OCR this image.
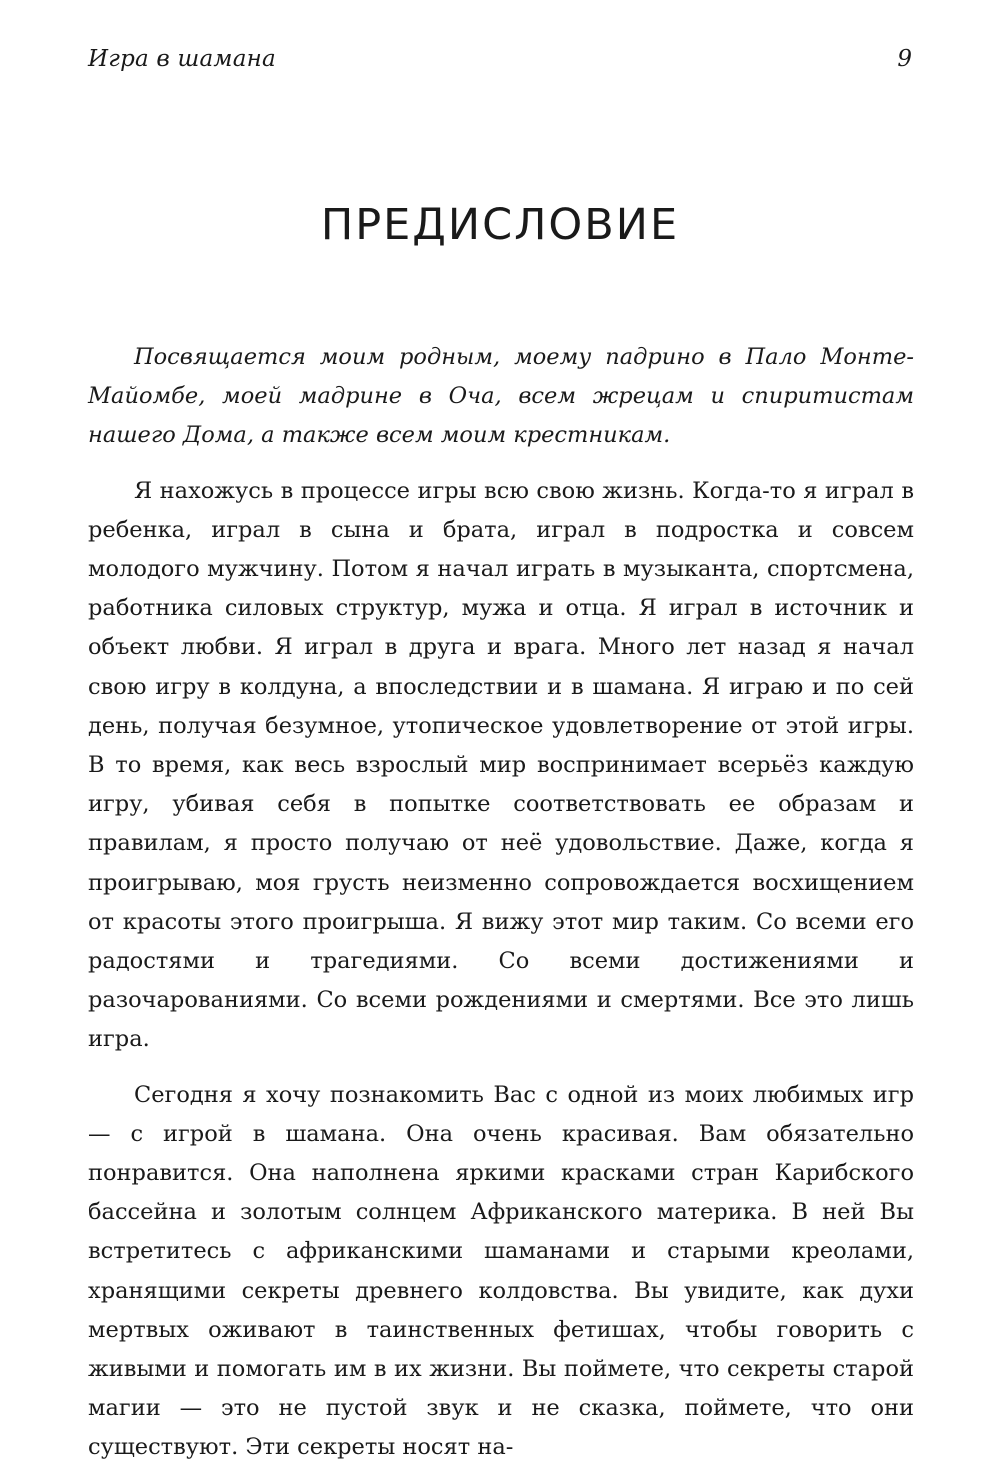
Игра в шамана	9
ПРЕДИСЛОВИЕ

Посвящается моим родным, моему падрино в Пало Монте-Майомбе, моей мадрине в Оча, всем жрецам и спиритистам нашего Дома, а также всем моим крестникам.

Я нахожусь в процессе игры всю свою жизнь. Когда-то я играл в ребенка, играл в сына и брата, играл в подростка и совсем молодого мужчину. Потом я начал играть в музыканта, спортсмена, работника силовых структур, мужа и отца. Я играл в источник и объект любви. Я играл в друга и врага. Много лет назад я начал свою игру в колдуна, а впоследствии и в шамана. Я играю и по сей день, получая безумное, утопическое удовлетворение от этой игры. В то время, как весь взрослый мир воспринимает всерьёз каждую игру, убивая себя в попытке соответствовать ее образам и правилам, я просто получаю от неё удовольствие. Даже, когда я проигрываю, моя грусть неизменно сопровождается восхищением от красоты этого проигрыша. Я вижу этот мир таким. Со всеми его радостями и трагедиями. Со всеми достижениями и разочарованиями. Со всеми рождениями и смертями. Все это лишь игра.

Сегодня я хочу познакомить Вас с одной из моих любимых игр — с игрой в шамана. Она очень красивая. Вам обязательно понравится. Она наполнена яркими красками стран Карибского бассейна и золотым солнцем Африканского материка. В ней Вы встретитесь с африканскими шаманами и старыми креолами, хранящими секреты древнего колдовства. Вы увидите, как духи мертвых оживают в таинственных фетишах, чтобы говорить с живыми и помогать им в их жизни. Вы поймете, что секреты старой магии — это не пустой звук и не сказка, поймете, что они существуют. Эти секреты носят на-
